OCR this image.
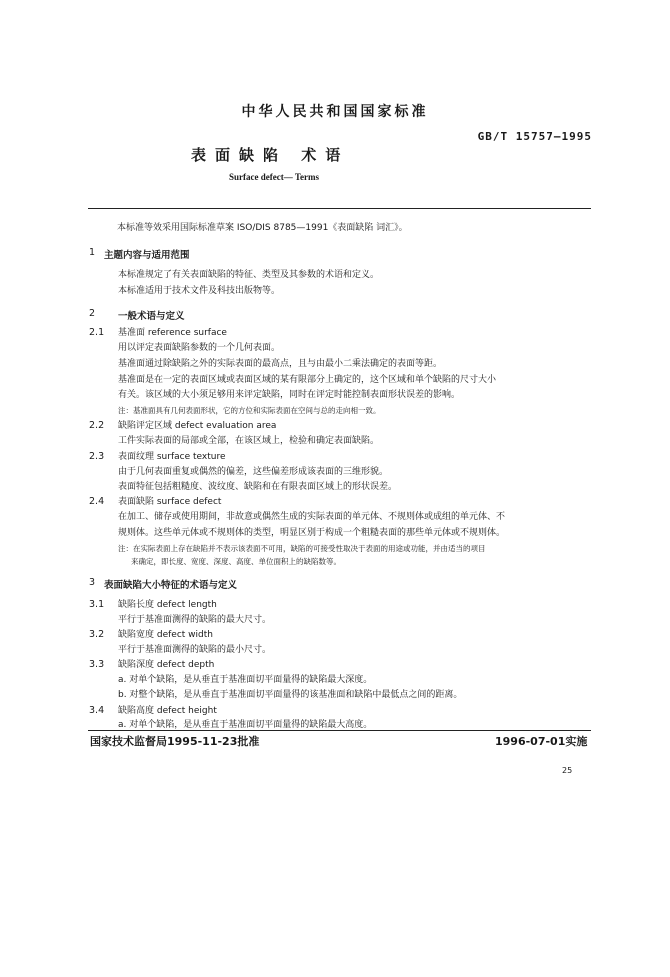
中华人民共和国国家标准
GB/T 15757—1995
表面缺陷 术语
Surface defect— Terms
本标准等效采用国际标准草案 ISO/DIS 8785—1991《表面缺陷 词汇》。
1 主题内容与适用范围
本标准规定了有关表面缺陷的特征、类型及其参数的术语和定义。
本标准适用于技术文件及科技出版物等。
2 一般术语与定义
2.1 基准面 reference surface
用以评定表面缺陷参数的一个几何表面。
基准面通过除缺陷之外的实际表面的最高点，且与由最小二乘法确定的表面等距。
基准面是在一定的表面区域或表面区域的某有限部分上确定的，这个区域和单个缺陷的尺寸大小
有关。该区域的大小须足够用来评定缺陷，同时在评定时能控制表面形状误差的影响。
注：基准面具有几何表面形状，它的方位和实际表面在空间与总的走向相一致。
2.2 缺陷评定区域 defect evaluation area
工件实际表面的局部或全部，在该区域上，检验和确定表面缺陷。
2.3 表面纹理 surface texture
由于几何表面重复或偶然的偏差，这些偏差形成该表面的三维形貌。
表面特征包括粗糙度、波纹度、缺陷和在有限表面区域上的形状误差。
2.4 表面缺陷 surface defect
在加工、储存或使用期间，非故意或偶然生成的实际表面的单元体、不规则体或成组的单元体、不
规则体。这些单元体或不规则体的类型，明显区别于构成一个粗糙表面的那些单元体或不规则体。
注：在实际表面上存在缺陷并不表示该表面不可用，缺陷的可接受性取决于表面的用途或功能，并由适当的项目
来确定，即长度、宽度、深度、高度、单位面积上的缺陷数等。
3 表面缺陷大小特征的术语与定义
3.1 缺陷长度 defect length
平行于基准面测得的缺陷的最大尺寸。
3.2 缺陷宽度 defect width
平行于基准面测得的缺陷的最小尺寸。
3.3 缺陷深度 defect depth
a. 对单个缺陷，是从垂直于基准面切平面量得的缺陷最大深度。
b. 对整个缺陷，是从垂直于基准面切平面量得的该基准面和缺陷中最低点之间的距离。
3.4 缺陷高度 defect height
a. 对单个缺陷，是从垂直于基准面切平面量得的缺陷最大高度。
国家技术监督局1995-11-23批准	1996-07-01实施
25
